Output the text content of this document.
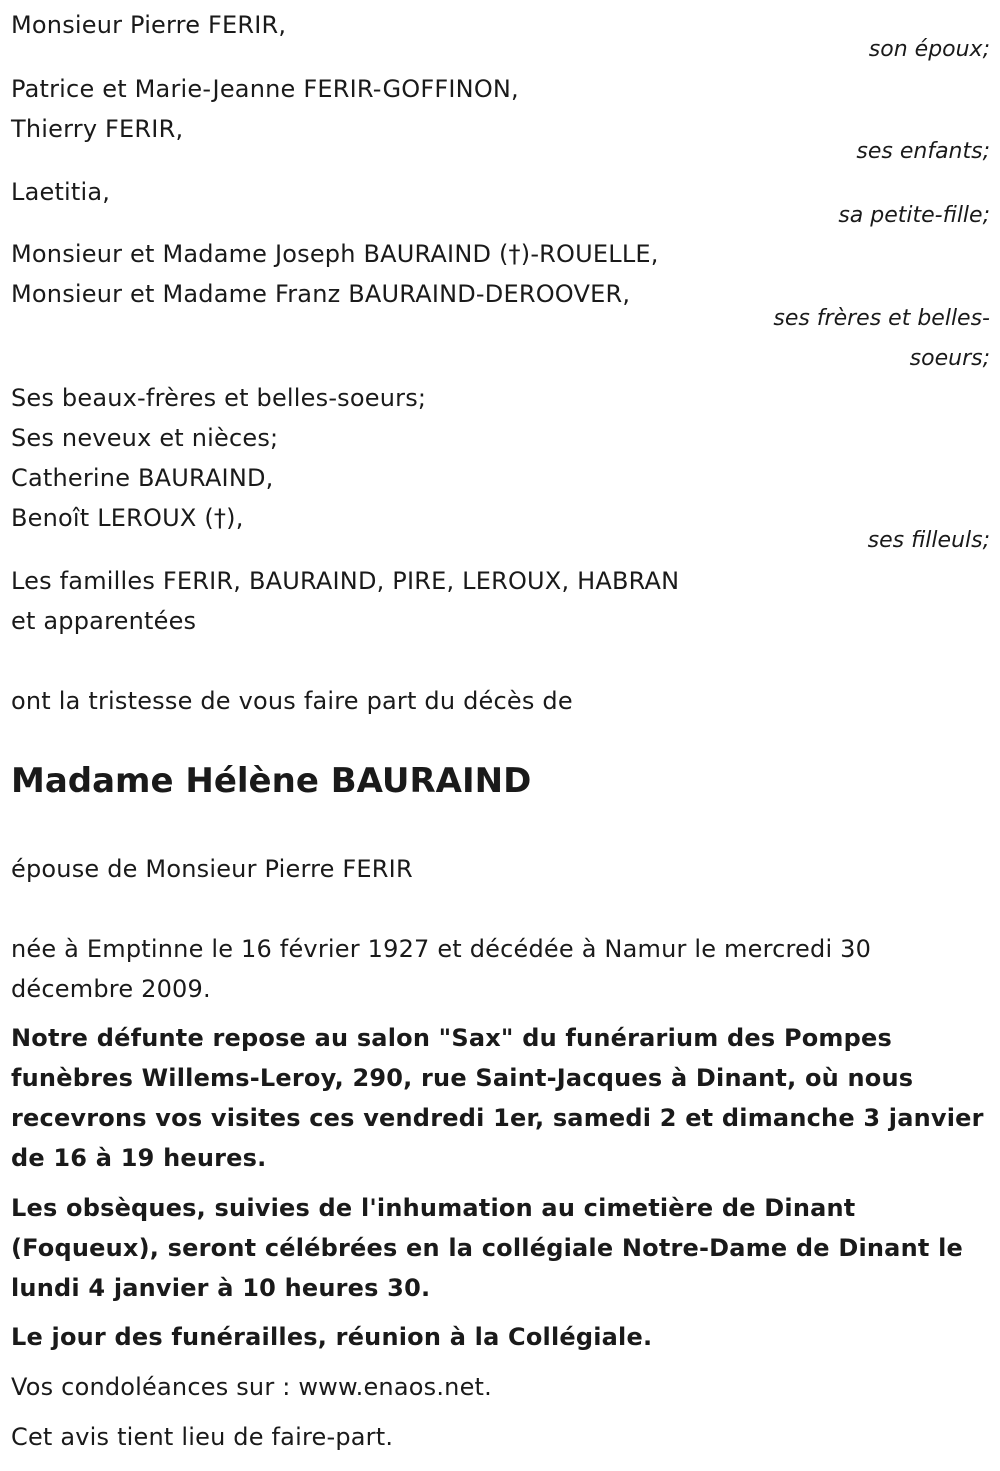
Monsieur Pierre FERIR,
son époux;
Patrice et Marie-Jeanne FERIR-GOFFINON,
Thierry FERIR,
ses enfants;
Laetitia,
sa petite-fille;
Monsieur et Madame Joseph BAURAIND (†)-ROUELLE,
Monsieur et Madame Franz BAURAIND-DEROOVER,
ses frères et belles-
soeurs;
Ses beaux-frères et belles-soeurs;
Ses neveux et nièces;
Catherine BAURAIND,
Benoît LEROUX (†),
ses filleuls;
Les familles FERIR, BAURAIND, PIRE, LEROUX, HABRAN
et apparentées
ont la tristesse de vous faire part du décès de
Madame Hélène BAURAIND
épouse de Monsieur Pierre FERIR
née à Emptinne le 16 février 1927 et décédée à Namur le mercredi 30
décembre 2009.
Notre défunte repose au salon "Sax" du funérarium des Pompes
funèbres Willems-Leroy, 290, rue Saint-Jacques à Dinant, où nous
recevrons vos visites ces vendredi 1er, samedi 2 et dimanche 3 janvier
de 16 à 19 heures.
Les obsèques, suivies de l'inhumation au cimetière de Dinant
(Foqueux), seront célébrées en la collégiale Notre-Dame de Dinant le
lundi 4 janvier à 10 heures 30.
Le jour des funérailles, réunion à la Collégiale.
Vos condoléances sur : www.enaos.net.
Cet avis tient lieu de faire-part.
